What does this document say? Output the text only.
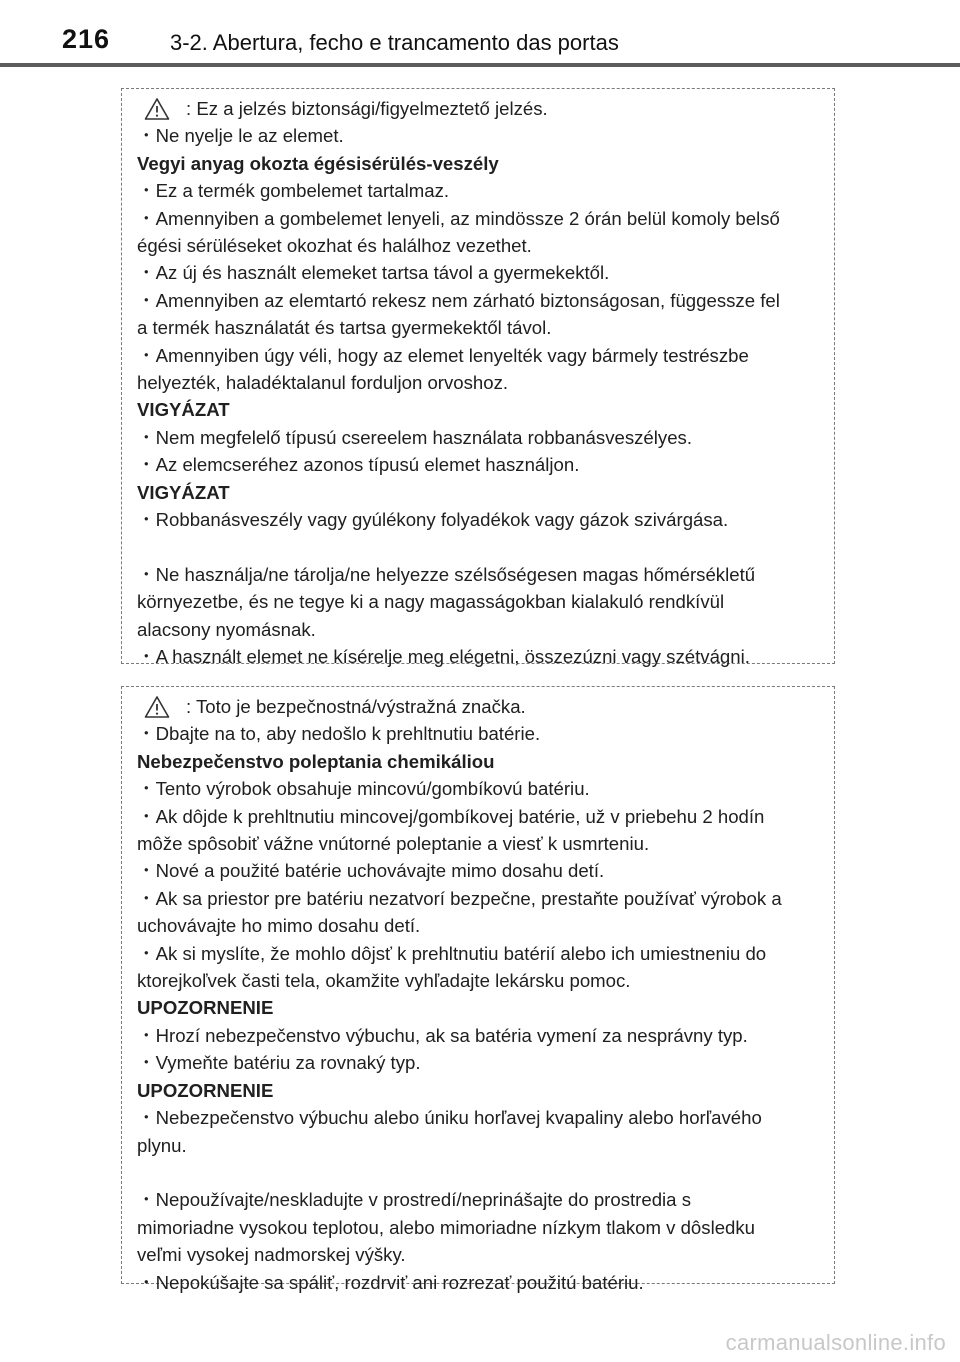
216	3-2. Abertura, fecho e trancamento das portas
: Ez a jelzés biztonsági/figyelmeztető jelzés.
・Ne nyelje le az elemet.
Vegyi anyag okozta égésisérülés-veszély
・Ez a termék gombelemet tartalmaz.
・Amennyiben a gombelemet lenyeli, az mindössze 2 órán belül komoly belső
égési sérüléseket okozhat és halálhoz vezethet.
・Az új és használt elemeket tartsa távol a gyermekektől.
・Amennyiben az elemtartó rekesz nem zárható biztonságosan, függessze fel
a termék használatát és tartsa gyermekektől távol.
・Amennyiben úgy véli, hogy az elemet lenyelték vagy bármely testrészbe
helyezték, haladéktalanul forduljon orvoshoz.
VIGYÁZAT
・Nem megfelelő típusú csereelem használata robbanásveszélyes.
・Az elemcseréhez azonos típusú elemet használjon.
VIGYÁZAT
・Robbanásveszély vagy gyúlékony folyadékok vagy gázok szivárgása.
・Ne használja/ne tárolja/ne helyezze szélsőségesen magas hőmérsékletű
környezetbe, és ne tegye ki a nagy magasságokban kialakuló rendkívül
alacsony nyomásnak.
・A használt elemet ne kísérelje meg elégetni, összezúzni vagy szétvágni.
: Toto je bezpečnostná/výstražná značka.
・Dbajte na to, aby nedošlo k prehltnutiu batérie.
Nebezpečenstvo poleptania chemikáliou
・Tento výrobok obsahuje mincovú/gombíkovú batériu.
・Ak dôjde k prehltnutiu mincovej/gombíkovej batérie, už v priebehu 2 hodín
môže spôsobiť vážne vnútorné poleptanie a viesť k usmrteniu.
・Nové a použité batérie uchovávajte mimo dosahu detí.
・Ak sa priestor pre batériu nezatvorí bezpečne, prestaňte používať výrobok a
uchovávajte ho mimo dosahu detí.
・Ak si myslíte, že mohlo dôjsť k prehltnutiu batérií alebo ich umiestneniu do
ktorejkoľvek časti tela, okamžite vyhľadajte lekársku pomoc.
UPOZORNENIE
・Hrozí nebezpečenstvo výbuchu, ak sa batéria vymení za nesprávny typ.
・Vymeňte batériu za rovnaký typ.
UPOZORNENIE
・Nebezpečenstvo výbuchu alebo úniku horľavej kvapaliny alebo horľavého
plynu.
・Nepoužívajte/neskladujte v prostredí/neprinášajte do prostredia s
mimoriadne vysokou teplotou, alebo mimoriadne nízkym tlakom v dôsledku
veľmi vysokej nadmorskej výšky.
・Nepokúšajte sa spáliť, rozdrviť ani rozrezať použitú batériu.
carmanualsonline.info
